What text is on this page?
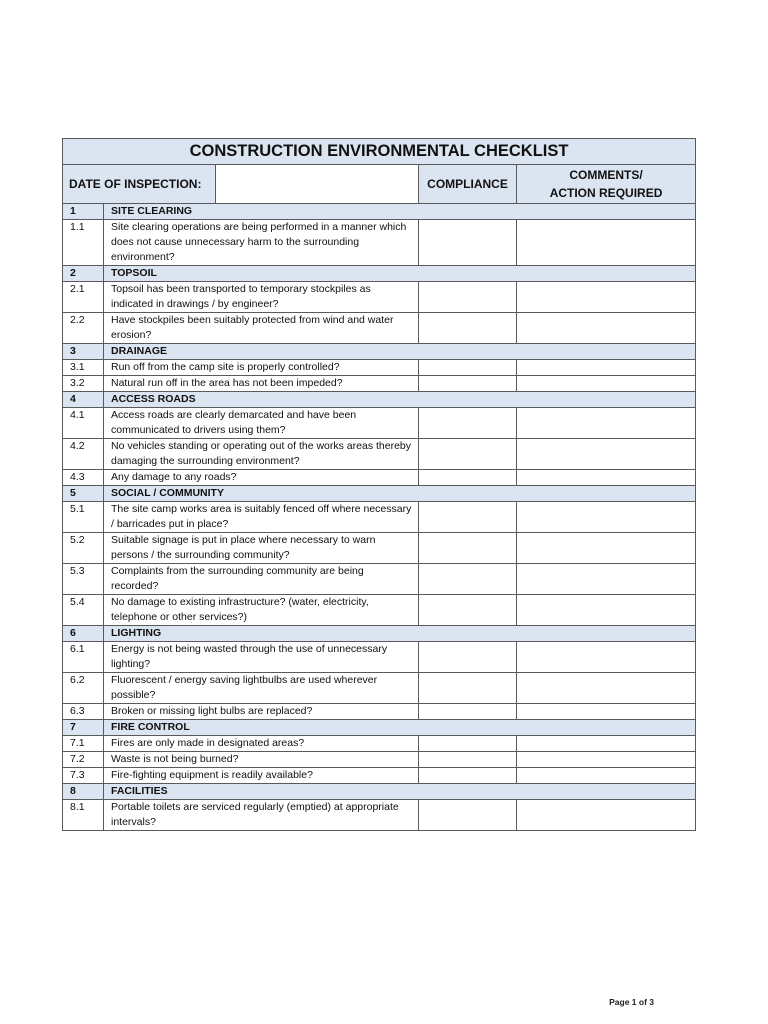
CONSTRUCTION ENVIRONMENTAL CHECKLIST				
DATE OF INSPECTION:			COMPLIANCE	COMMENTS/
ACTION REQUIRED

1	SITE CLEARING			
1.1	Site clearing operations are being performed in a manner which does not cause unnecessary harm to the surrounding environment?			
2	TOPSOIL			
2.1	Topsoil has been transported to temporary stockpiles as indicated in drawings / by engineer?			
2.2	Have stockpiles been suitably protected from wind and water erosion?			
3	DRAINAGE			
3.1	Run off from the camp site is properly controlled?			
3.2	Natural run off in the area has not been impeded?			
4	ACCESS ROADS			
4.1	Access roads are clearly demarcated and have been communicated to drivers using them?			
4.2	No vehicles standing or operating out of the works areas thereby damaging the surrounding environment?			
4.3	Any damage to any roads?			
5	SOCIAL / COMMUNITY			
5.1	The site camp works area is suitably fenced off where necessary / barricades put in place?			
5.2	Suitable signage is put in place where necessary to warn persons / the surrounding community?			
5.3	Complaints from the surrounding community are being recorded?			
5.4	No damage to existing infrastructure? (water, electricity, telephone or other services?)			
6	LIGHTING			
6.1	Energy is not being wasted through the use of unnecessary lighting?			
6.2	Fluorescent / energy saving lightbulbs are used wherever possible?			
6.3	Broken or missing light bulbs are replaced?			
7	FIRE CONTROL			
7.1	Fires are only made in designated areas?			
7.2	Waste is not being burned?			
7.3	Fire-fighting equipment is readily available?			
8	FACILITIES			
8.1	Portable toilets are serviced regularly (emptied) at appropriate intervals?			
Page 1 of 3
